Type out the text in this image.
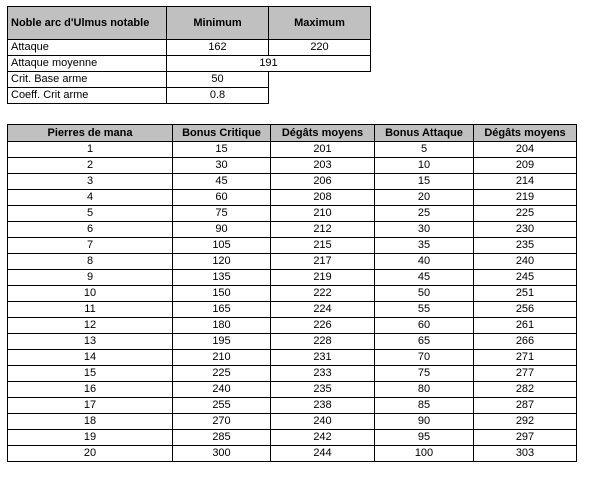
Noble arc d'Ulmus notable	Minimum	Maximum
Attaque	162	220
Attaque moyenne	191	
Crit. Base arme	50	
Coeff. Crit arme	0.8	
Pierres de mana	Bonus Critique	Dégâts moyens	Bonus Attaque	Dégâts moyens
1	15	201	5	204
2	30	203	10	209
3	45	206	15	214
4	60	208	20	219
5	75	210	25	225
6	90	212	30	230
7	105	215	35	235
8	120	217	40	240
9	135	219	45	245
10	150	222	50	251
11	165	224	55	256
12	180	226	60	261
13	195	228	65	266
14	210	231	70	271
15	225	233	75	277
16	240	235	80	282
17	255	238	85	287
18	270	240	90	292
19	285	242	95	297
20	300	244	100	303
